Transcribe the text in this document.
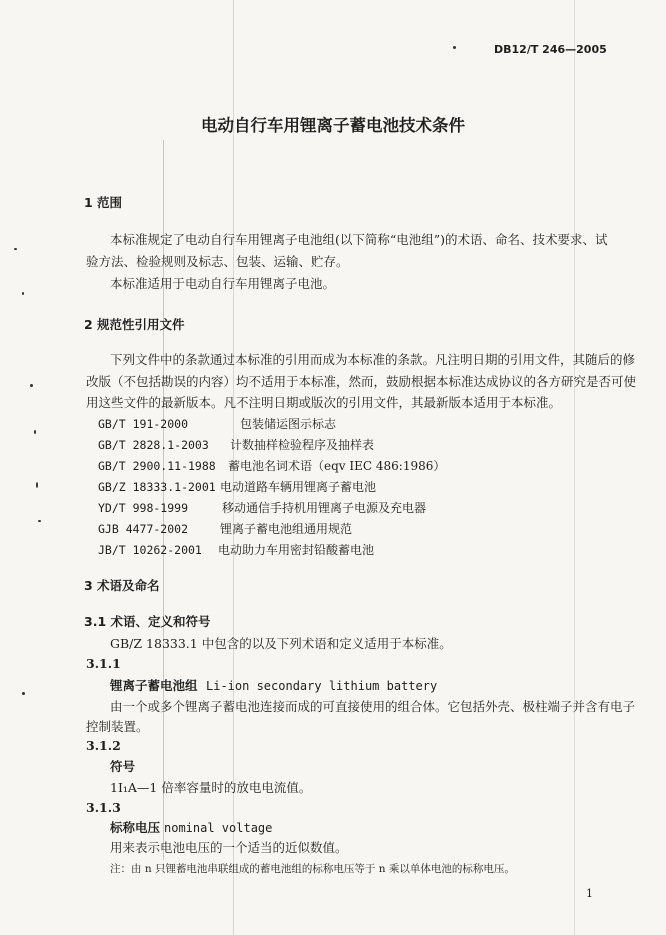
DB12/T 246—2005
电动自行车用锂离子蓄电池技术条件
1 范围
本标准规定了电动自行车用锂离子电池组(以下简称“电池组”)的术语、命名、技术要求、试
验方法、检验规则及标志、包装、运输、贮存。
本标准适用于电动自行车用锂离子电池。
2 规范性引用文件
下列文件中的条款通过本标准的引用而成为本标准的条款。凡注明日期的引用文件，其随后的修
改版（不包括勘误的内容）均不适用于本标准，然而，鼓励根据本标准达成协议的各方研究是否可使
用这些文件的最新版本。凡不注明日期或版次的引用文件，其最新版本适用于本标准。
GB/T 191-2000	包装储运图示标志
GB/T 2828.1-2003 计数抽样检验程序及抽样表
GB/T 2900.11-1988 蓄电池名词术语（eqv IEC 486:1986）
GB/Z 18333.1-2001 电动道路车辆用锂离子蓄电池
YD/T 998-1999	移动通信手持机用锂离子电源及充电器
GJB 4477-2002	锂离子蓄电池组通用规范
JB/T 10262-2001 电动助力车用密封铅酸蓄电池
3 术语及命名
3.1 术语、定义和符号
GB/Z 18333.1 中包含的以及下列术语和定义适用于本标准。
3.1.1
锂离子蓄电池组 Li-ion secondary lithium battery
由一个或多个锂离子蓄电池连接而成的可直接使用的组合体。它包括外壳、极柱端子并含有电子
控制装置。
3.1.2
符号
1I₁A—1 倍率容量时的放电电流值。
3.1.3
标称电压 nominal voltage
用来表示电池电压的一个适当的近似数值。
注：由 n 只锂蓄电池串联组成的蓄电池组的标称电压等于 n 乘以单体电池的标称电压。
1
